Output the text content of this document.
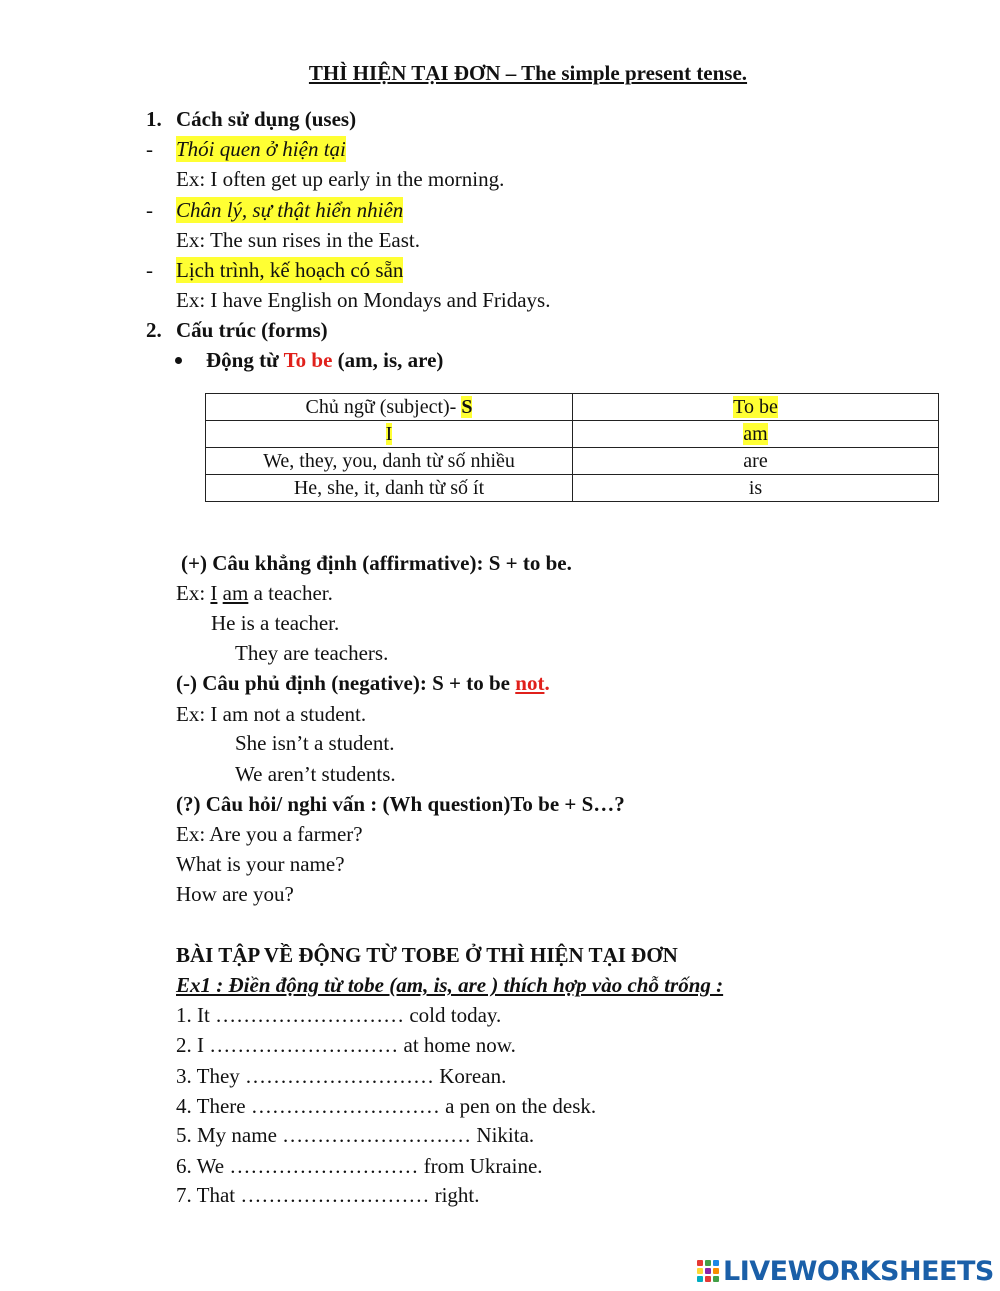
THÌ HIỆN TẠI ĐƠN – The simple present tense.
1. Cách sử dụng (uses)
- Thói quen ở hiện tại
Ex: I often get up early in the morning.
- Chân lý, sự thật hiển nhiên
Ex: The sun rises in the East.
- Lịch trình, kế hoạch có sẵn
Ex: I have English on Mondays and Fridays.
2. Cấu trúc (forms)
Động từ To be (am, is, are)
Chủ ngữ (subject)- S	To be
I	am
We, they, you, danh từ số nhiều	are
He, she, it, danh từ số ít	is
(+) Câu khẳng định (affirmative): S + to be.
Ex: I am a teacher.
He is a teacher.
They are teachers.
(-) Câu phủ định (negative): S + to be not.
Ex: I am not a student.
She isn’t a student.
We aren’t students.
(?) Câu hỏi/ nghi vấn : (Wh question)To be + S…?
Ex: Are you a farmer?
What is your name?
How are you?
BÀI TẬP VỀ ĐỘNG TỪ TOBE Ở THÌ HIỆN TẠI ĐƠN
Ex1 : Điền động từ tobe (am, is, are ) thích hợp vào chỗ trống :
1. It ……………………… cold today.
2. I ……………………… at home now.
3. They ……………………… Korean.
4. There ……………………… a pen on the desk.
5. My name ……………………… Nikita.
6. We ……………………… from Ukraine.
7. That ……………………… right.
LIVEWORKSHEETS
